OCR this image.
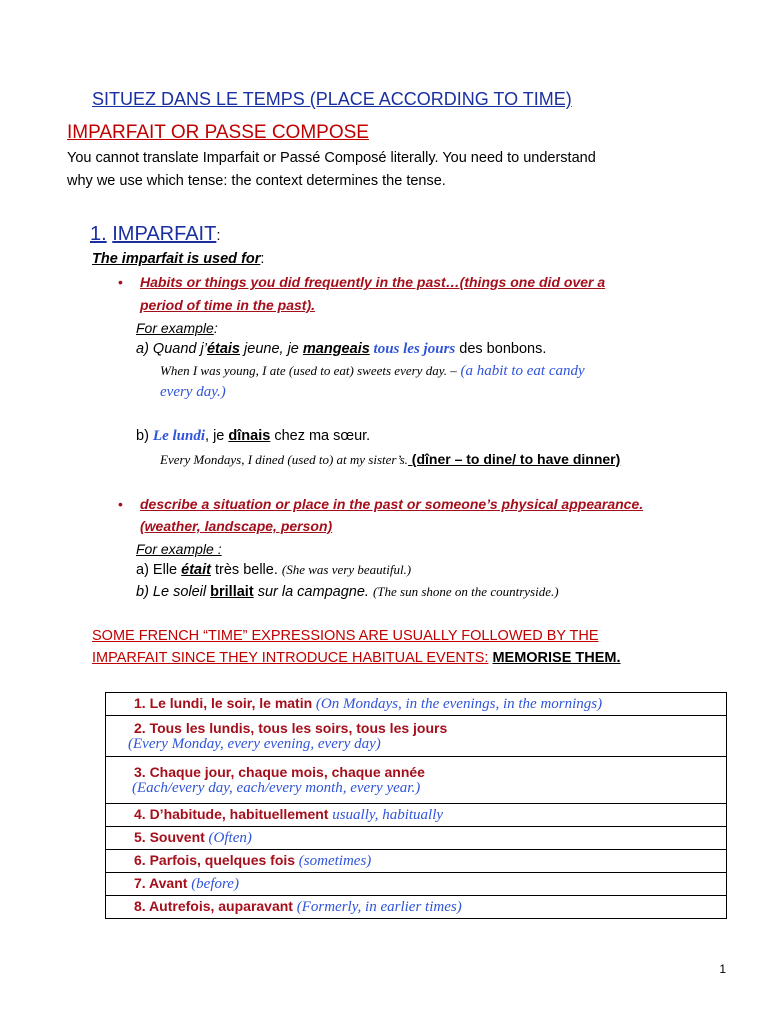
SITUEZ DANS LE TEMPS (PLACE ACCORDING TO TIME)
IMPARFAIT OR PASSE COMPOSE
You cannot translate Imparfait or Passé Composé literally. You need to understand
why we use which tense: the context determines the tense.
1. IMPARFAIT:
The imparfait is used for:
• Habits or things you did frequently in the past…(things one did over a
period of time in the past).
For example:
a) Quand j’étais jeune, je mangeais tous les jours des bonbons.
When I was young, I ate (used to eat) sweets every day. – (a habit to eat candy
every day.)
b) Le lundi, je dînais chez ma sœur.
Every Mondays, I dined (used to) at my sister’s. (dîner – to dine/ to have dinner)
• describe a situation or place in the past or someone’s physical appearance.
(weather, landscape, person)
For example :
a) Elle était très belle. (She was very beautiful.)
b) Le soleil brillait sur la campagne. (The sun shone on the countryside.)
SOME FRENCH “TIME” EXPRESSIONS ARE USUALLY FOLLOWED BY THE
IMPARFAIT SINCE THEY INTRODUCE HABITUAL EVENTS: MEMORISE THEM.
1. Le lundi, le soir, le matin (On Mondays, in the evenings, in the mornings)

2. Tous les lundis, tous les soirs, tous les jours
(Every Monday, every evening, every day)

3. Chaque jour, chaque mois, chaque année
(Each/every day, each/every month, every year.)

4. D’habitude, habituellement usually, habitually
5. Souvent (Often)
6. Parfois, quelques fois (sometimes)
7. Avant (before)
8. Autrefois, auparavant (Formerly, in earlier times)
1
